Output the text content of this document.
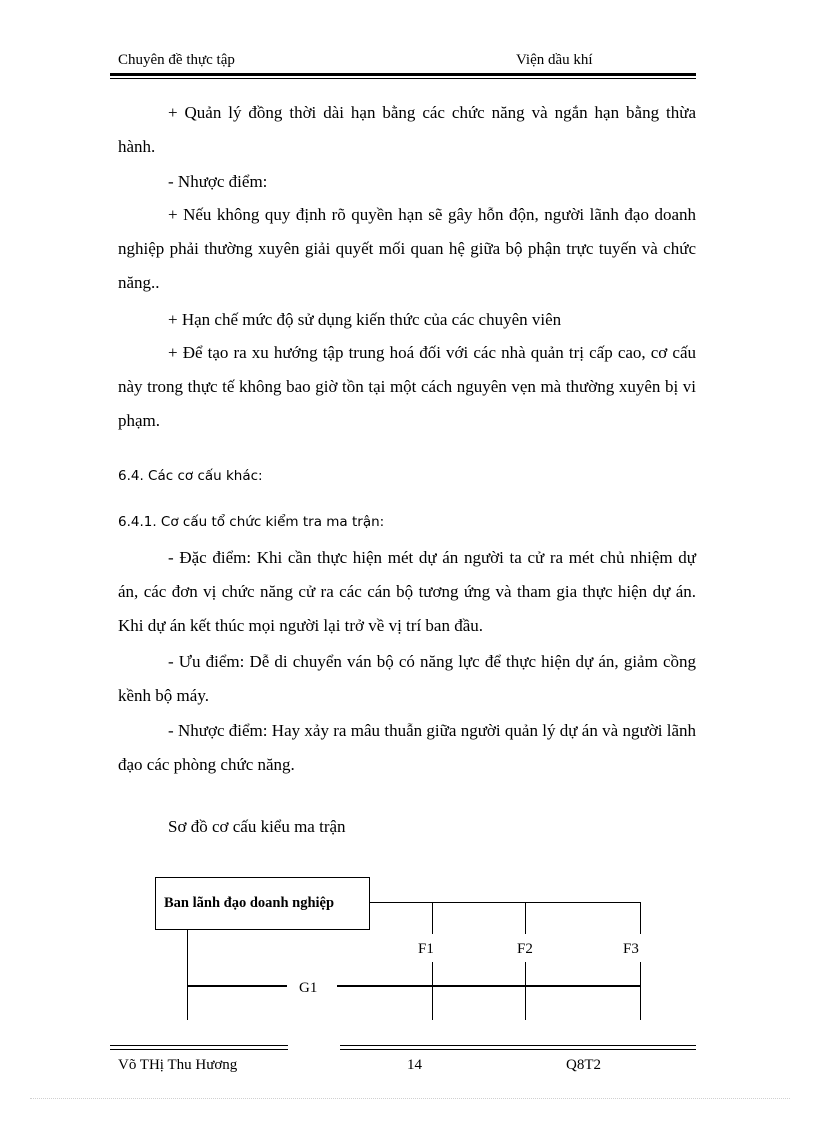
Chuyên đề thực tập	Viện dầu khí
+ Quản lý đồng thời dài hạn bằng các chức năng và ngắn hạn bằng thừa hành.
- Nhược điểm:
+ Nếu không quy định rõ quyền hạn sẽ gây hỗn độn, người lãnh đạo doanh nghiệp phải thường xuyên giải quyết mối quan hệ giữa bộ phận trực tuyến và chức năng..
+ Hạn chế mức độ sử dụng kiến thức của các chuyên viên
+ Để tạo ra xu hướng tập trung hoá đối với các nhà quản trị cấp cao, cơ cấu này trong thực tế không bao giờ tồn tại một cách nguyên vẹn mà thường xuyên bị vi phạm.
6.4. Các cơ cấu khác:
6.4.1. Cơ cấu tổ chức kiểm tra ma trận:
- Đặc điểm: Khi cần thực hiện mét dự án người ta cử ra mét chủ nhiệm dự án, các đơn vị chức năng cử ra các cán bộ tương ứng và tham gia thực hiện dự án. Khi dự án kết thúc mọi người lại trở về vị trí ban đầu.
- Ưu điểm: Dễ di chuyển ván bộ có năng lực để thực hiện dự án, giảm cồng kềnh bộ máy.
- Nhược điểm: Hay xảy ra mâu thuẫn giữa người quản lý dự án và người lãnh đạo các phòng chức năng.
Sơ đồ cơ cấu kiểu ma trận
Ban lãnh đạo doanh nghiệp
F1	F2	F3
G1
Võ THị Thu Hương	14	Q8T2
